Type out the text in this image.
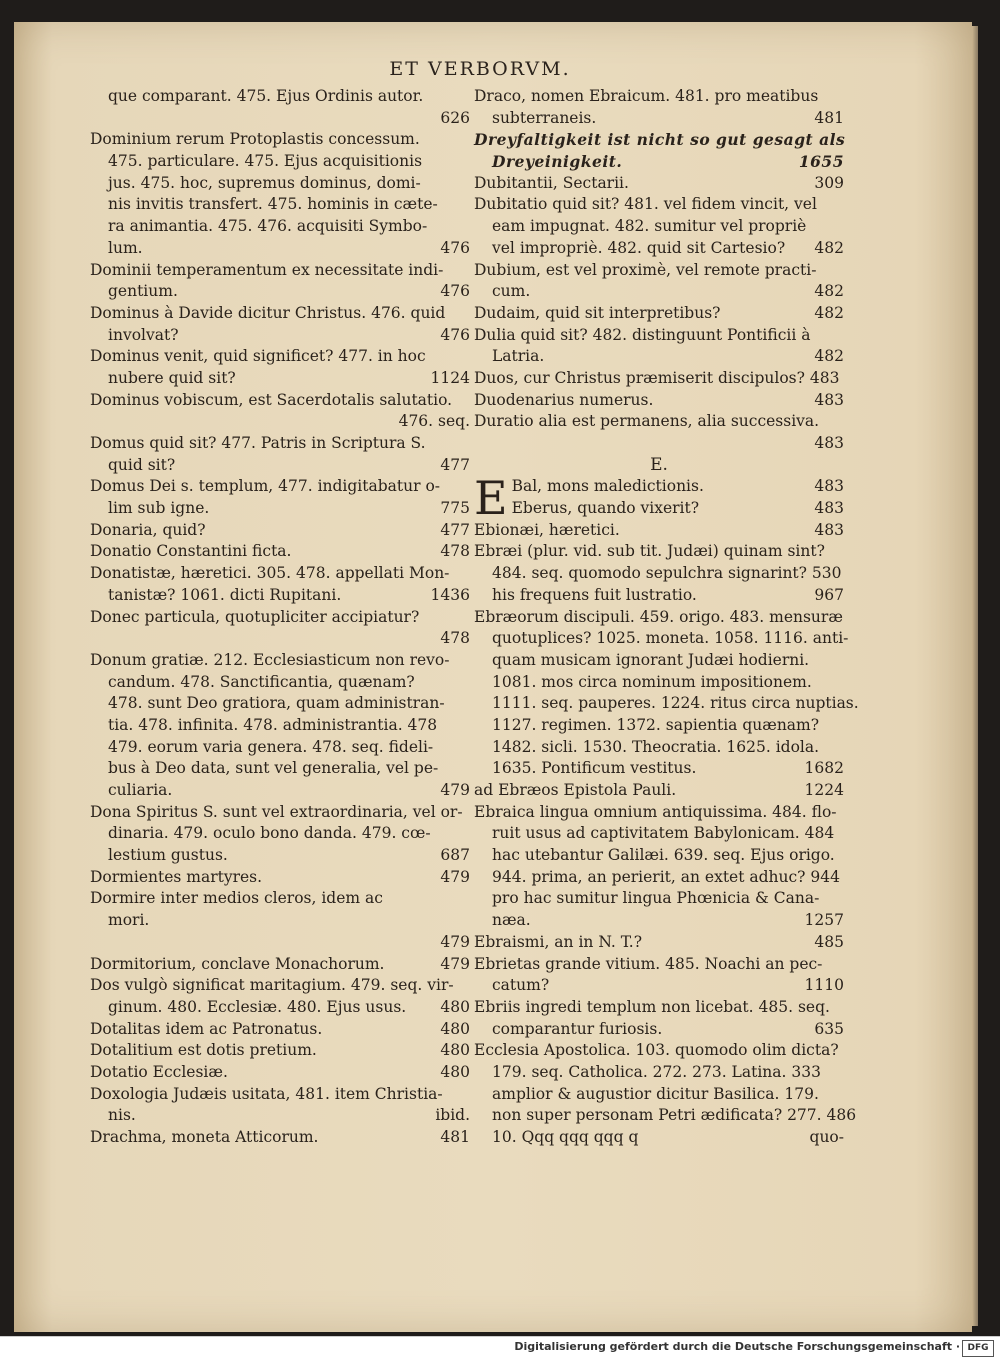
ET VERBORVM.
que comparant. 475. Ejus Ordinis autor.
626
Dominium rerum Protoplastis concessum.
475. particulare. 475. Ejus acquisitionis
jus. 475. hoc, supremus dominus, domi-
nis invitis transfert. 475. hominis in cæte-
ra animantia. 475. 476. acquisiti Symbo-
lum.	476
Dominii temperamentum ex necessitate indi-
gentium.	476
Dominus à Davide dicitur Christus. 476. quid
involvat?	476
Dominus venit, quid significet? 477. in hoc
nubere quid sit?	1124
Dominus vobiscum, est Sacerdotalis salutatio.
476. seq.
Domus quid sit? 477. Patris in Scriptura S.
quid sit?	477
Domus Dei s. templum, 477. indigitabatur o-
lim sub igne.	775
Donaria, quid?	477
Donatio Constantini ficta.	478
Donatistæ, hæretici. 305. 478. appellati Mon-
tanistæ? 1061. dicti Rupitani.	1436
Donec particula, quotupliciter accipiatur?
478
Donum gratiæ. 212. Ecclesiasticum non revo-
candum. 478. Sanctificantia, quænam?
478. sunt Deo gratiora, quam administran-
tia. 478. infinita. 478. administrantia. 478
479. eorum varia genera. 478. seq. fideli-
bus à Deo data, sunt vel generalia, vel pe-
culiaria.	479
Dona Spiritus S. sunt vel extraordinaria, vel or-
dinaria. 479. oculo bono danda. 479. cœ-
lestium gustus.	687
Dormientes martyres.	479
Dormire inter medios cleros, idem ac
mori.
479
Dormitorium, conclave Monachorum.	479
Dos vulgò significat maritagium. 479. seq. vir-
ginum. 480. Ecclesiæ. 480. Ejus usus. 480
Dotalitas idem ac Patronatus.	480
Dotalitium est dotis pretium.	480
Dotatio Ecclesiæ.	480
Doxologia Judæis usitata, 481. item Christia-
nis.	ibid.
Drachma, moneta Atticorum.	481
Draco, nomen Ebraicum. 481. pro meatibus
subterraneis.	481
Dreyfaltigkeit ist nicht so gut gesagt als
Dreyeinigkeit.	1655
Dubitantii, Sectarii.	309
Dubitatio quid sit? 481. vel fidem vincit, vel
eam impugnat. 482. sumitur vel propriè
vel impropriè. 482. quid sit Cartesio? 482
Dubium, est vel proximè, vel remote practi-
cum.	482
Dudaim, quid sit interpretibus?	482
Dulia quid sit? 482. distinguunt Pontificii à
Latria.	482
Duos, cur Christus præmiserit discipulos? 483
Duodenarius numerus.	483
Duratio alia est permanens, alia successiva.
483
E.
E Bal, mons maledictionis.	483
Eberus, quando vixerit?	483
Ebionæi, hæretici.	483
Ebræi (plur. vid. sub tit. Judæi) quinam sint?
484. seq. quomodo sepulchra signarint? 530
his frequens fuit lustratio.	967
Ebræorum discipuli. 459. origo. 483. mensuræ
quotuplices? 1025. moneta. 1058. 1116. anti-
quam musicam ignorant Judæi hodierni.
1081. mos circa nominum impositionem.
1111. seq. pauperes. 1224. ritus circa nuptias.
1127. regimen. 1372. sapientia quænam?
1482. sicli. 1530. Theocratia. 1625. idola.
1635. Pontificum vestitus.	1682
ad Ebræos Epistola Pauli.	1224
Ebraica lingua omnium antiquissima. 484. flo-
ruit usus ad captivitatem Babylonicam. 484
hac utebantur Galilæi. 639. seq. Ejus origo.
944. prima, an perierit, an extet adhuc? 944
pro hac sumitur lingua Phœnicia & Cana-
næa.	1257
Ebraismi, an in N. T.?	485
Ebrietas grande vitium. 485. Noachi an pec-
catum?	1110
Ebriis ingredi templum non licebat. 485. seq.
comparantur furiosis.	635
Ecclesia Apostolica. 103. quomodo olim dicta?
179. seq. Catholica. 272. 273. Latina. 333
amplior & augustior dicitur Basilica. 179.
non super personam Petri ædificata? 277. 486
10. Qqq qqq qqq q	quo-
Digitalisierung gefördert durch die Deutsche Forschungsgemeinschaft · DFG
